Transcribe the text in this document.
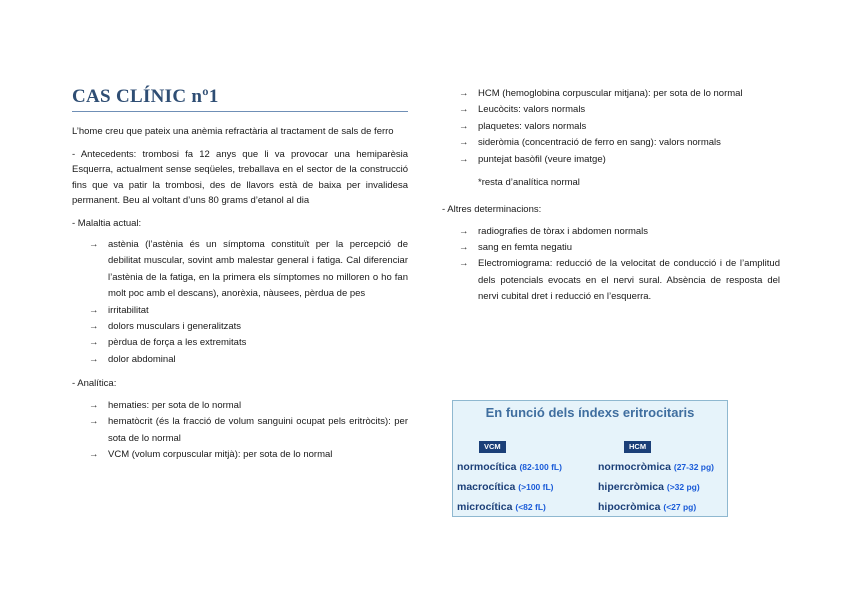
CAS CLÍNIC nº1

L’home creu que pateix una anèmia refractària al tractament de sals de ferro

- Antecedents: trombosi fa 12 anys que li va provocar una hemiparèsia Esquerra, actualment sense seqüeles, treballava en el sector de la construcció fins que va patir la trombosi, des de llavors està de baixa per invalidesa permanent. Beu al voltant d’uns 80 grams d’etanol al dia

- Malaltia actual:

→ astènia (l’astènia és un símptoma constituït per la percepció de debilitat muscular, sovint amb malestar general i fatiga. Cal diferenciar l’astènia de la fatiga, en la primera els símptomes no milloren o ho fan molt poc amb el descans), anorèxia, nàusees, pèrdua de pes
→ irritabilitat
→ dolors musculars i generalitzats
→ pèrdua de força a les extremitats
→ dolor abdominal

- Analítica:

→ hematies: per sota de lo normal
→ hematòcrit (és la fracció de volum sanguini ocupat pels eritròcits): per sota de lo normal
→ VCM (volum corpuscular mitjà): per sota de lo normal
→ HCM (hemoglobina corpuscular mitjana): per sota de lo normal
→ Leucòcits: valors normals
→ plaquetes: valors normals
→ sideròmia (concentració de ferro en sang): valors normals
→ puntejat basòfil (veure imatge)
*resta d’analítica normal

- Altres determinacions:

→ radiografies de tòrax i abdomen normals
→ sang en femta negatiu
→ Electromiograma: reducció de la velocitat de conducció i de l’amplitud dels potencials evocats en el nervi sural. Absència de resposta del nervi cubital dret i reducció en l’esquerra.
En funció dels índexs eritrocitaris
VCM	HCM
normocítica (82-100 fL)
macrocítica (>100 fL)
microcítica (<82 fL)
normocròmica (27-32 pg)
hipercròmica (>32 pg)
hipocròmica (<27 pg)
